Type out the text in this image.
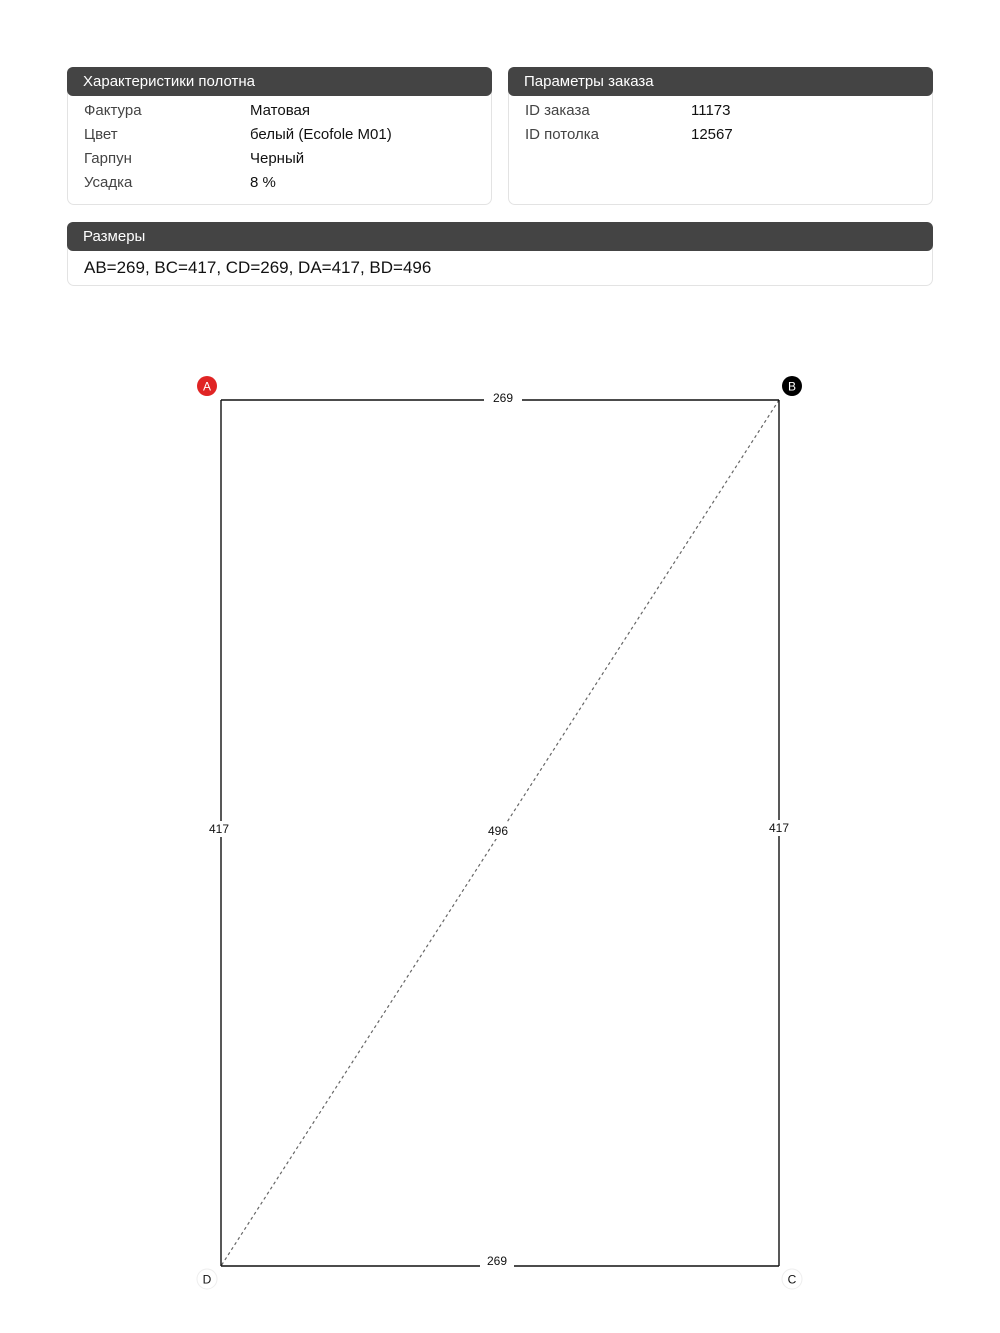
Характеристики полотна
Фактура	Матовая
Цвет	белый (Ecofole M01)
Гарпун	Черный
Усадка	8 %
Параметры заказа
ID заказа	11173
ID потолка	12567
Размеры
AB=269, BC=417, CD=269, DA=417, BD=496
269
417
269
417	496
A	B
C
D
